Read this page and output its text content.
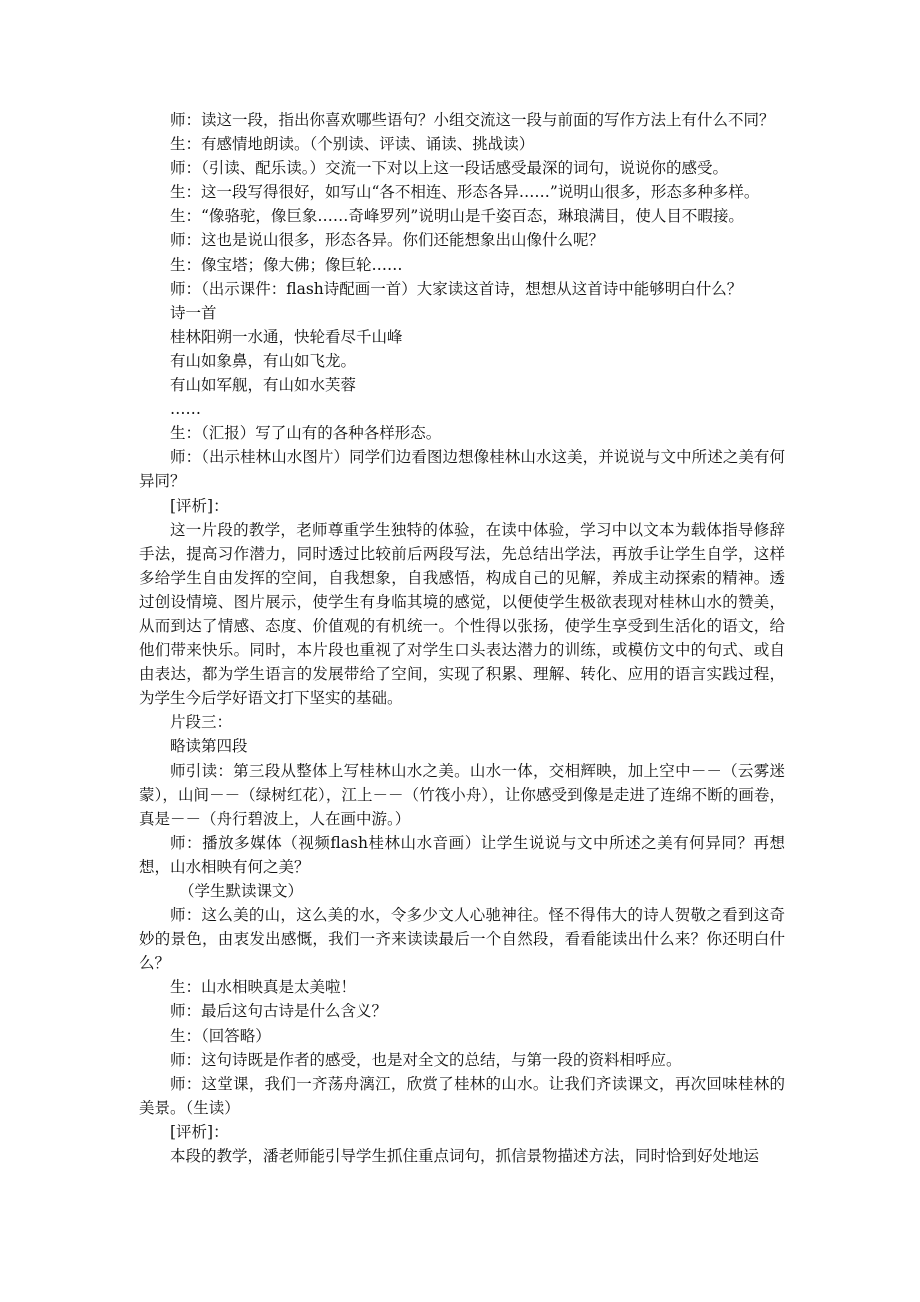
师：读这一段，指出你喜欢哪些语句？小组交流这一段与前面的写作方法上有什么不同？

生：有感情地朗读。（个别读、评读、诵读、挑战读）

师：（引读、配乐读。）交流一下对以上这一段话感受最深的词句，说说你的感受。

生：这一段写得很好，如写山“各不相连、形态各异……”说明山很多，形态多种多样。

生：“像骆驼，像巨象……奇峰罗列”说明山是千姿百态，琳琅满目，使人目不暇接。

师：这也是说山很多，形态各异。你们还能想象出山像什么呢？

生：像宝塔；像大佛；像巨轮……

师：（出示课件：flash诗配画一首）大家读这首诗，想想从这首诗中能够明白什么？

诗一首

桂林阳朔一水通，快轮看尽千山峰

有山如象鼻，有山如飞龙。

有山如军舰，有山如水芙蓉

……

生：（汇报）写了山有的各种各样形态。

师：（出示桂林山水图片）同学们边看图边想像桂林山水这美，并说说与文中所述之美有何异同？

[评析]：

这一片段的教学，老师尊重学生独特的体验，在读中体验，学习中以文本为载体指导修辞手法，提高习作潜力，同时透过比较前后两段写法，先总结出学法，再放手让学生自学，这样多给学生自由发挥的空间，自我想象，自我感悟，构成自己的见解，养成主动探索的精神。透过创设情境、图片展示，使学生有身临其境的感觉，以便使学生极欲表现对桂林山水的赞美，从而到达了情感、态度、价值观的有机统一。个性得以张扬，使学生享受到生活化的语文，给他们带来快乐。同时，本片段也重视了对学生口头表达潜力的训练，或模仿文中的句式、或自由表达，都为学生语言的发展带给了空间，实现了积累、理解、转化、应用的语言实践过程，为学生今后学好语文打下坚实的基础。

片段三：

略读第四段

师引读：第三段从整体上写桂林山水之美。山水一体，交相辉映，加上空中－－（云雾迷蒙），山间－－（绿树红花），江上－－（竹筏小舟），让你感受到像是走进了连绵不断的画卷，真是－－（舟行碧波上，人在画中游。）

师：播放多媒体（视频flash桂林山水音画）让学生说说与文中所述之美有何异同？再想想，山水相映有何之美？

（学生默读课文）

师：这么美的山，这么美的水，令多少文人心驰神往。怪不得伟大的诗人贺敬之看到这奇妙的景色，由衷发出感慨，我们一齐来读读最后一个自然段，看看能读出什么来？你还明白什么？

生：山水相映真是太美啦！

师：最后这句古诗是什么含义？

生：（回答略）

师：这句诗既是作者的感受，也是对全文的总结，与第一段的资料相呼应。

师：这堂课，我们一齐荡舟漓江，欣赏了桂林的山水。让我们齐读课文，再次回味桂林的美景。（生读）

[评析]：

本段的教学，潘老师能引导学生抓住重点词句，抓信景物描述方法，同时恰到好处地运
